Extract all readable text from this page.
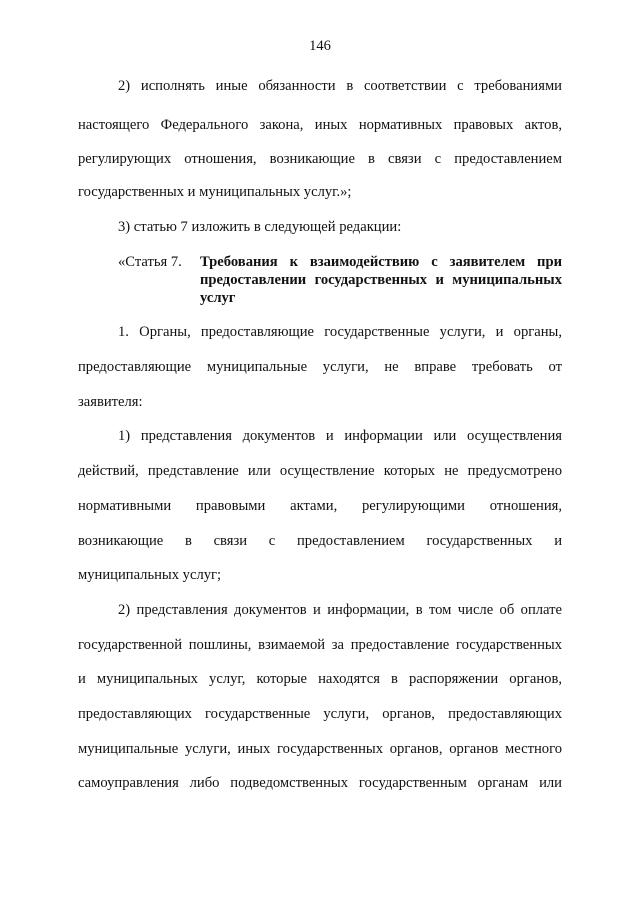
146
2) исполнять иные обязанности в соответствии с требованиями
настоящего Федерального закона, иных нормативных правовых актов,
регулирующих отношения, возникающие в связи с предоставлением
государственных и муниципальных услуг.»;
3) статью 7 изложить в следующей редакции:
«Статья 7. Требования к взаимодействию с заявителем при
предоставлении государственных и муниципальных
услуг
1. Органы, предоставляющие государственные услуги, и органы,
предоставляющие муниципальные услуги, не вправе требовать от
заявителя:
1) представления документов и информации или осуществления
действий, представление или осуществление которых не предусмотрено
нормативными правовыми актами, регулирующими отношения,
возникающие в связи с предоставлением государственных и
муниципальных услуг;
2) представления документов и информации, в том числе об оплате
государственной пошлины, взимаемой за предоставление государственных
и муниципальных услуг, которые находятся в распоряжении органов,
предоставляющих государственные услуги, органов, предоставляющих
муниципальные услуги, иных государственных органов, органов местного
самоуправления либо подведомственных государственным органам или
